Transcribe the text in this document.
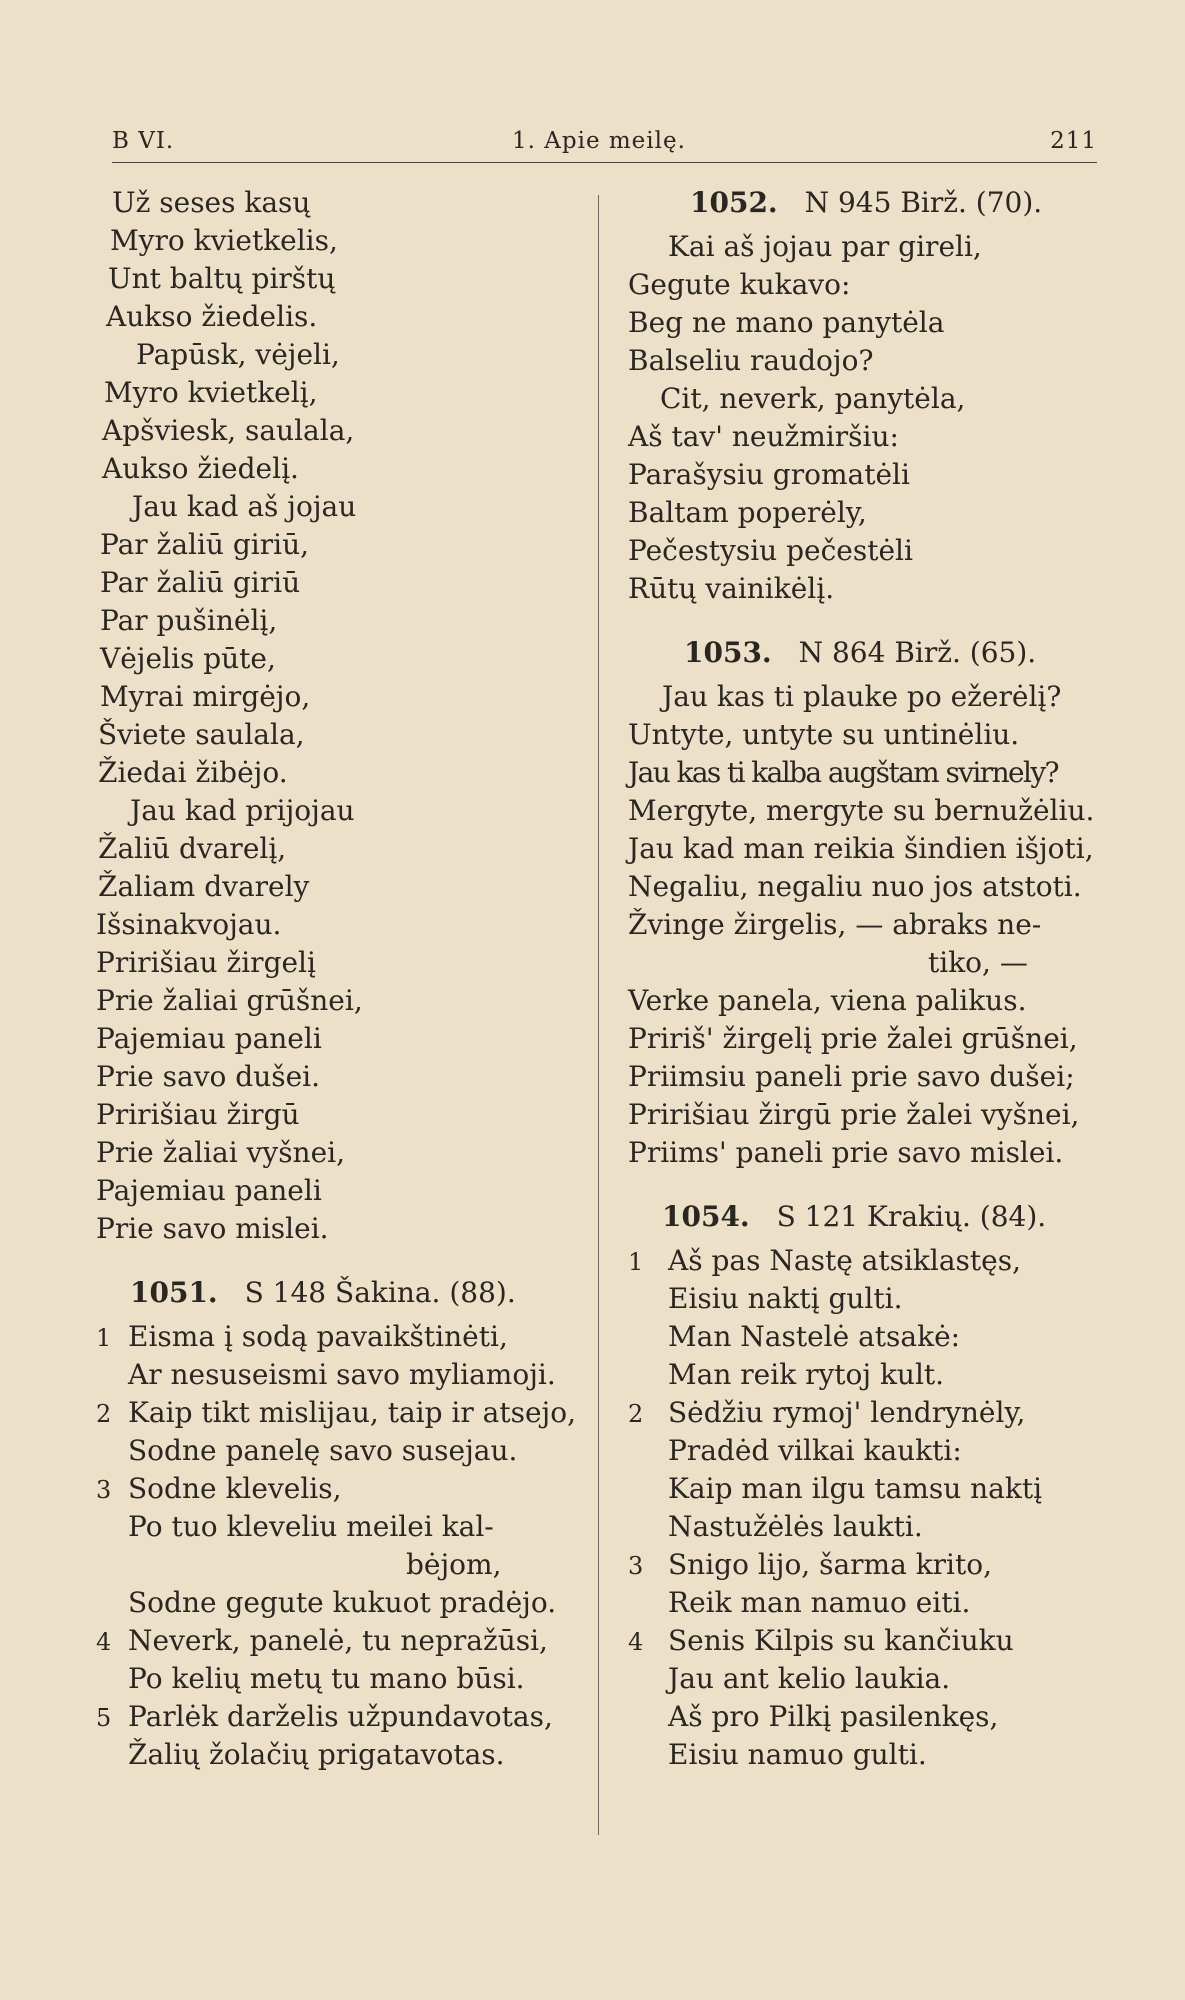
B VI.	1. Apie meilę.	211
Už seses kasų
Myro kvietkelis,
Unt baltų pirštų
Aukso žiedelis.
Papūsk, vėjeli,
Myro kvietkelį,
Apšviesk, saulala,
Aukso žiedelį.
Jau kad aš jojau
Par žaliū giriū,
Par žaliū giriū
Par pušinėlį,
Vėjelis pūte,
Myrai mirgėjo,
Šviete saulala,
Žiedai žibėjo.
Jau kad prijojau
Žaliū dvarelį,
Žaliam dvarely
Išsinakvojau.
Pririšiau žirgelį
Prie žaliai grūšnei,
Pajemiau paneli
Prie savo dušei.
Pririšiau žirgū
Prie žaliai vyšnei,
Pajemiau paneli
Prie savo mislei.
1051. S 148 Šakina. (88).
1 Eisma į sodą pavaikštinėti,
Ar nesuseismi savo myliamoji.
2 Kaip tikt mislijau, taip ir atsejo,
Sodne panelę savo susejau.
3 Sodne klevelis,
Po tuo kleveliu meilei kal-
bėjom,
Sodne gegute kukuot pradėjo.
4 Neverk, panelė, tu nepražūsi,
Po kelių metų tu mano būsi.
5 Parlėk darželis užpundavotas,
Žalių žolačių prigatavotas.
1052. N 945 Birž. (70).
Kai aš jojau par gireli,
Gegute kukavo:
Beg ne mano panytėla
Balseliu raudojo?
Cit, neverk, panytėla,
Aš tav' neužmiršiu:
Parašysiu gromatėli
Baltam poperėly,
Pečestysiu pečestėli
Rūtų vainikėlį.
1053. N 864 Birž. (65).
Jau kas ti plauke po ežerėlį?
Untyte, untyte su untinėliu.
Jau kas ti kalba augštam svirnely?
Mergyte, mergyte su bernužėliu.
Jau kad man reikia šindien išjoti,
Negaliu, negaliu nuo jos atstoti.
Žvinge žirgelis, — abraks ne-
tiko, —
Verke panela, viena palikus.
Pririš' žirgelį prie žalei grūšnei,
Priimsiu paneli prie savo dušei;
Pririšiau žirgū prie žalei vyšnei,
Priims' paneli prie savo mislei.
1054. S 121 Krakių. (84).
1 Aš pas Nastę atsiklastęs,
Eisiu naktį gulti.
Man Nastelė atsakė:
Man reik rytoj kult.
2 Sėdžiu rymoj' lendrynėly,
Pradėd vilkai kaukti:
Kaip man ilgu tamsu naktį
Nastužėlės laukti.
3 Snigo lijo, šarma krito,
Reik man namuo eiti.
4 Senis Kilpis su kančiuku
Jau ant kelio laukia.
Aš pro Pilkį pasilenkęs,
Eisiu namuo gulti.
